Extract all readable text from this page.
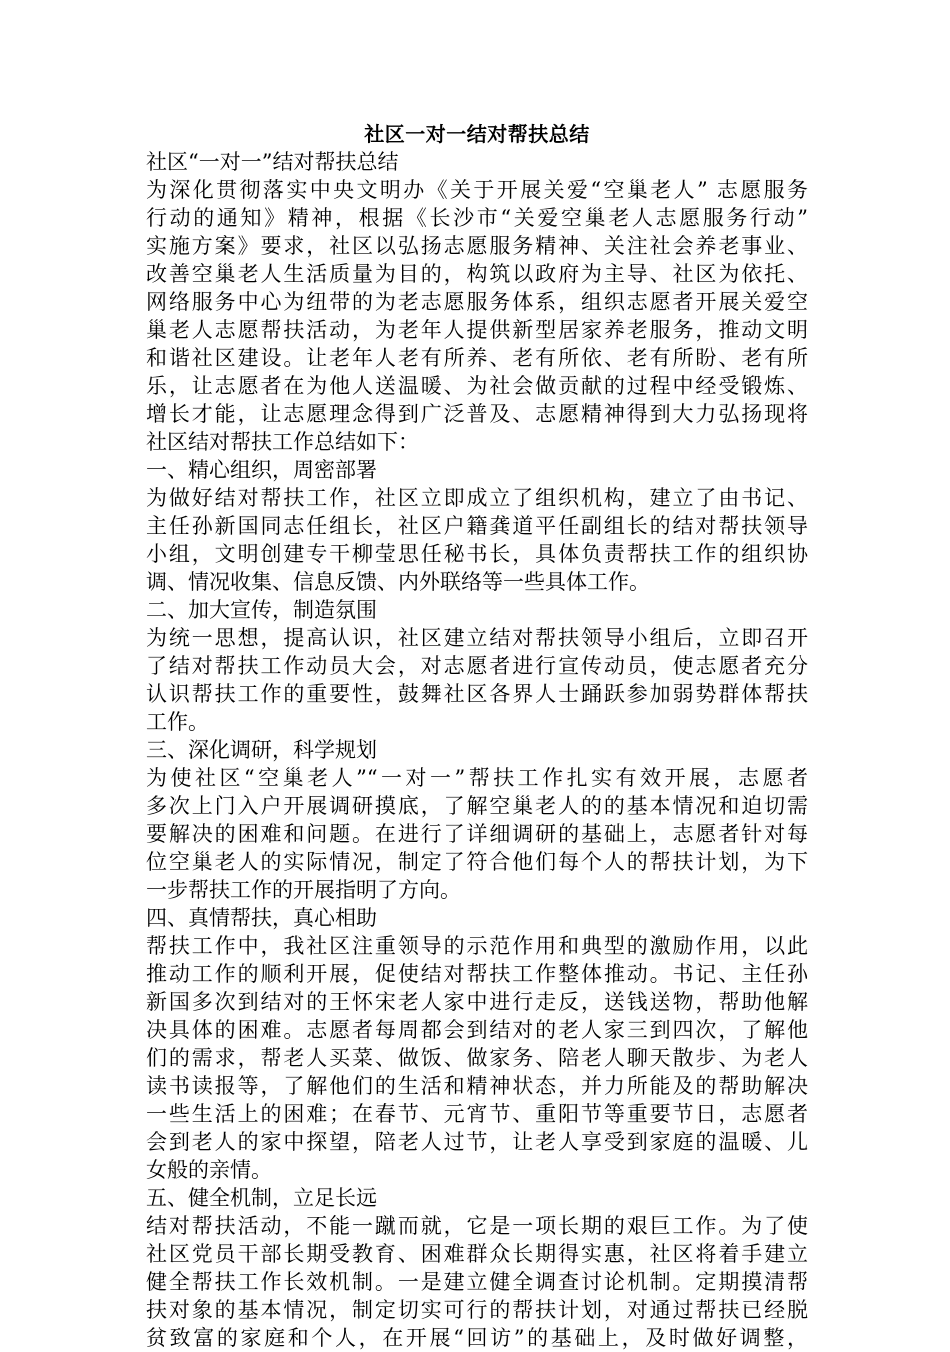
社区一对一结对帮扶总结

社区“一对一”结对帮扶总结

为深化贯彻落实中央文明办《关于开展关爱“空巢老人” 志愿服务

行动的通知》精神，根据《长沙市“关爱空巢老人志愿服务行动”

实施方案》要求，社区以弘扬志愿服务精神、关注社会养老事业、

改善空巢老人生活质量为目的，构筑以政府为主导、社区为依托、

网络服务中心为纽带的为老志愿服务体系，组织志愿者开展关爱空

巢老人志愿帮扶活动，为老年人提供新型居家养老服务，推动文明

和谐社区建设。让老年人老有所养、老有所依、老有所盼、老有所

乐，让志愿者在为他人送温暖、为社会做贡献的过程中经受锻炼、

增长才能，让志愿理念得到广泛普及、志愿精神得到大力弘扬现将

社区结对帮扶工作总结如下：

一、精心组织，周密部署

为做好结对帮扶工作，社区立即成立了组织机构，建立了由书记、

主任孙新国同志任组长，社区户籍龚道平任副组长的结对帮扶领导

小组，文明创建专干柳莹思任秘书长，具体负责帮扶工作的组织协

调、情况收集、信息反馈、内外联络等一些具体工作。

二、加大宣传，制造氛围

为统一思想，提高认识，社区建立结对帮扶领导小组后，立即召开

了结对帮扶工作动员大会，对志愿者进行宣传动员，使志愿者充分

认识帮扶工作的重要性，鼓舞社区各界人士踊跃参加弱势群体帮扶

工作。

三、深化调研，科学规划

为使社区“空巢老人”“一对一”帮扶工作扎实有效开展，志愿者

多次上门入户开展调研摸底，了解空巢老人的的基本情况和迫切需

要解决的困难和问题。在进行了详细调研的基础上，志愿者针对每

位空巢老人的实际情况，制定了符合他们每个人的帮扶计划，为下

一步帮扶工作的开展指明了方向。

四、真情帮扶，真心相助

帮扶工作中，我社区注重领导的示范作用和典型的激励作用，以此

推动工作的顺利开展，促使结对帮扶工作整体推动。书记、主任孙

新国多次到结对的王怀宋老人家中进行走反，送钱送物，帮助他解

决具体的困难。志愿者每周都会到结对的老人家三到四次，了解他

们的需求，帮老人买菜、做饭、做家务、陪老人聊天散步、为老人

读书读报等，了解他们的生活和精神状态，并力所能及的帮助解决

一些生活上的困难；在春节、元宵节、重阳节等重要节日，志愿者

会到老人的家中探望，陪老人过节，让老人享受到家庭的温暖、儿

女般的亲情。

五、健全机制，立足长远

结对帮扶活动，不能一蹴而就，它是一项长期的艰巨工作。为了使

社区党员干部长期受教育、困难群众长期得实惠，社区将着手建立

健全帮扶工作长效机制。一是建立健全调查讨论机制。定期摸清帮

扶对象的基本情况，制定切实可行的帮扶计划，对通过帮扶已经脱

贫致富的家庭和个人，在开展“回访”的基础上，及时做好调整，
